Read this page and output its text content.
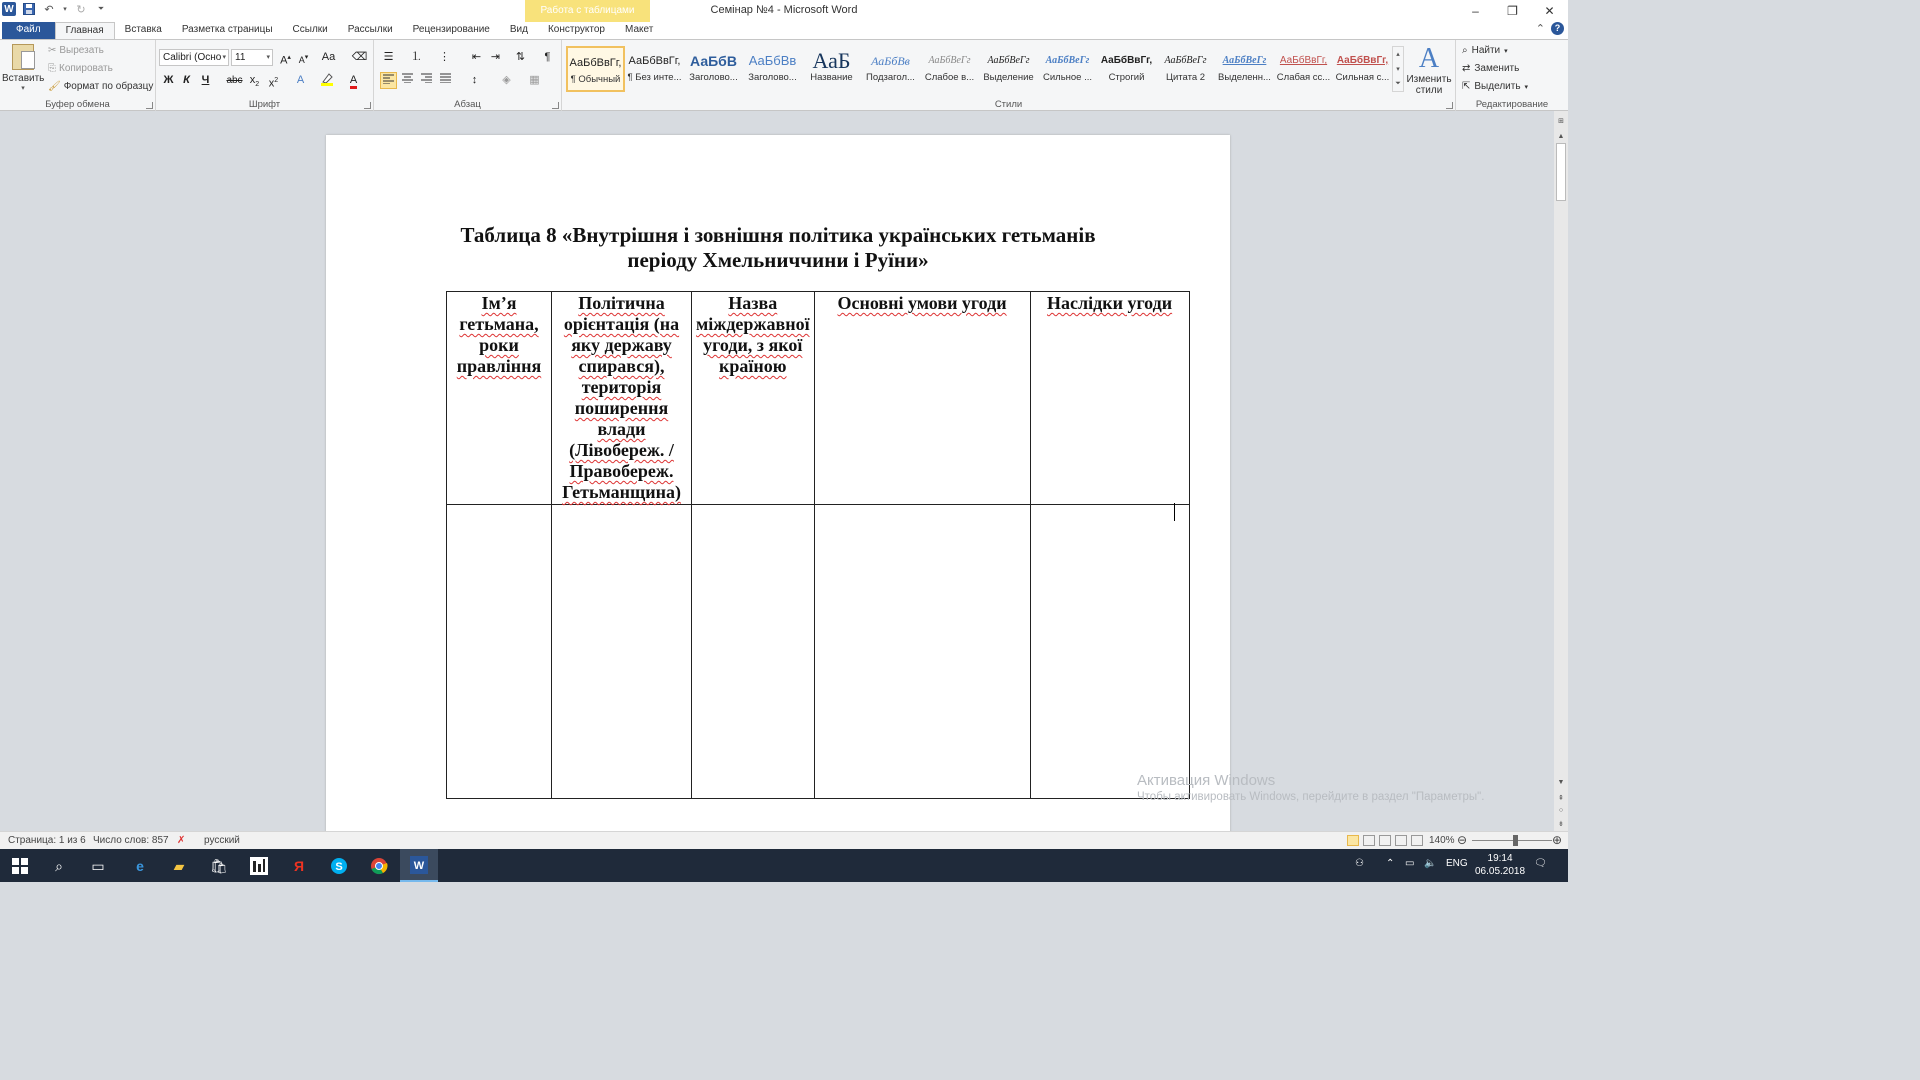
W	↶	▾ ↻	⏷	Работа с таблицами	Семінар №4 - Microsoft Word	–	❐	✕
Файл	Главная	Вставка	Разметка страницы	Ссылки	Рассылки	Рецензирование	Вид	Конструктор	Макет	⌃	?
Вставить
▾
✂ Вырезать
⎘ Копировать
🖌 Формат по образцу
Буфер обмена
Calibri (Осно ▾ 11	▾ A▴ A▾	Aa ⌫
Ж К	Ч	abc $x_2$ $x^2$	A	A
Шрифт
☰	⒈ ⋮	⇤ ⇥	⇅	¶
↕	◈	▦
Абзац	Стили
АаБбВвГг,
¶ Обычный
АаБбВвГг,
¶ Без инте...
АаБбВ
Заголово...
АаБбВв
Заголово...
АаБ
Название
АаБбВв
Подзагол...
АаБбВеГг
Слабое в...
АаБбВеГг
Выделение
АаБбВеГг
Сильное ...
АаБбВвГг,
Строгий
АаБбВеГг
Цитата 2
АаБбВеГг
Выделенн...
АаБбВвГг,
Слабая сс...
АаБбВвГг,
Сильная с...
▴
▾
⏷
A
Изменить стили
Редактирование
⌕ Найти ▾
⇄ Заменить
⇱ Выделить ▾
Таблица 8 «Внутрішня і зовнішня політика українських гетьманів
періоду Хмельниччини і Руїни»
Ім’я гетьмана, роки правління	Політична орієнтація (на яку державу спирався), територія поширення влади (Лівобереж. / Правобереж. Гетьманщина)	Назва міждержавної угоди, з якої країною	Основні умови угоди	Наслідки угоди

Активация Windows
Чтобы активировать Windows, перейдите в раздел "Параметры".
⊞
▲
▼
⇞
○
⇟
Страница: 1 из 6 Число слов: 857 ✗ русский	140% ⊖	⊕
⌕	▭	e	▰	🛍	Я	S	W	⚇ ⌃ ▭ 🔈 ENG	19:14
06.05.2018
🗨
